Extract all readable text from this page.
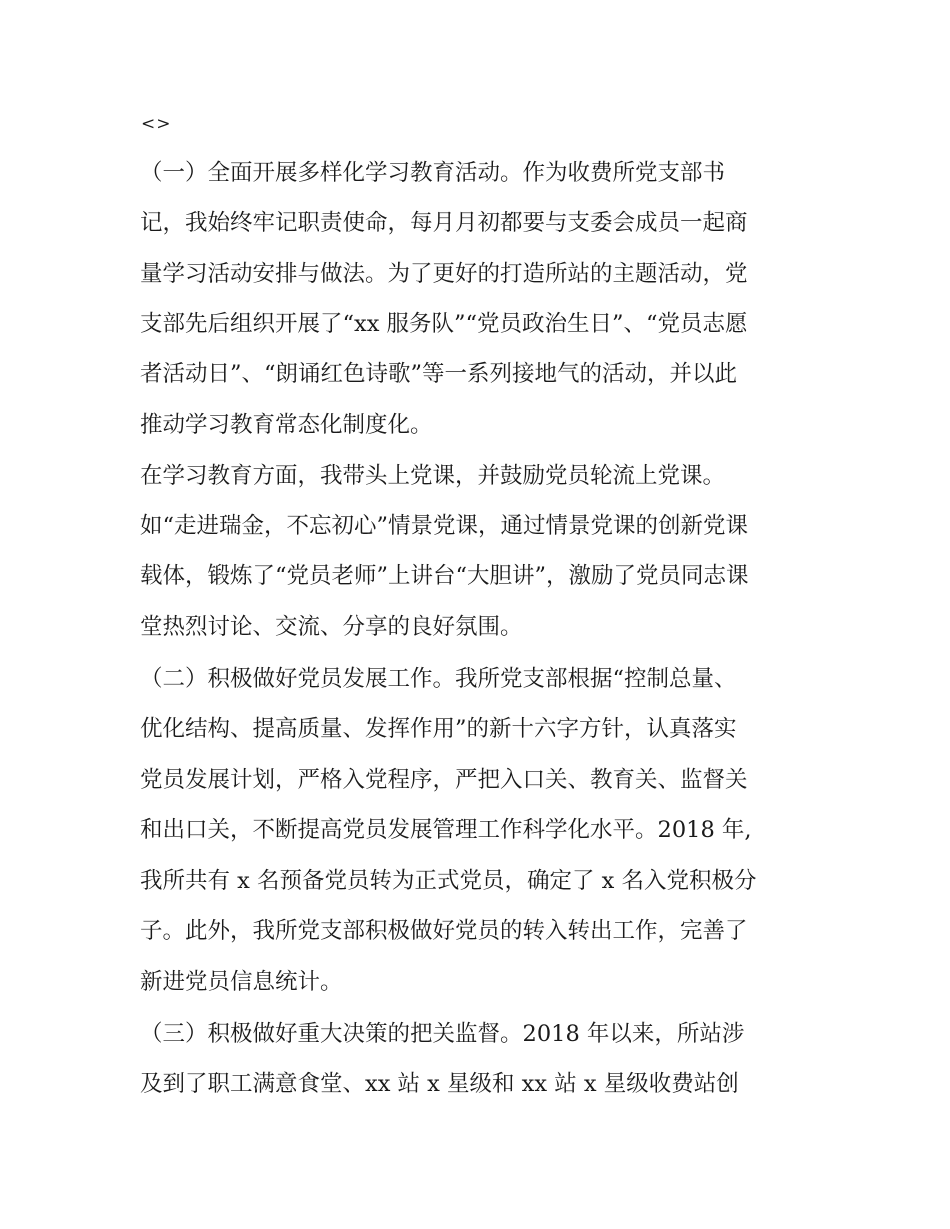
<>
（一）全面开展多样化学习教育活动。作为收费所党支部书
记，我始终牢记职责使命，每月月初都要与支委会成员一起商
量学习活动安排与做法。为了更好的打造所站的主题活动，党
支部先后组织开展了“xx 服务队”“党员政治生日”、“党员志愿
者活动日”、“朗诵红色诗歌”等一系列接地气的活动，并以此
推动学习教育常态化制度化。
在学习教育方面，我带头上党课，并鼓励党员轮流上党课。
如“走进瑞金，不忘初心”情景党课，通过情景党课的创新党课
载体，锻炼了“党员老师”上讲台“大胆讲”，激励了党员同志课
堂热烈讨论、交流、分享的良好氛围。
（二）积极做好党员发展工作。我所党支部根据“控制总量、
优化结构、提高质量、发挥作用”的新十六字方针，认真落实
党员发展计划，严格入党程序，严把入口关、教育关、监督关
和出口关，不断提高党员发展管理工作科学化水平。2018 年,
我所共有 x 名预备党员转为正式党员，确定了 x 名入党积极分
子。此外，我所党支部积极做好党员的转入转出工作，完善了
新进党员信息统计。
（三）积极做好重大决策的把关监督。2018 年以来，所站涉
及到了职工满意食堂、xx 站 x 星级和 xx 站 x 星级收费站创
